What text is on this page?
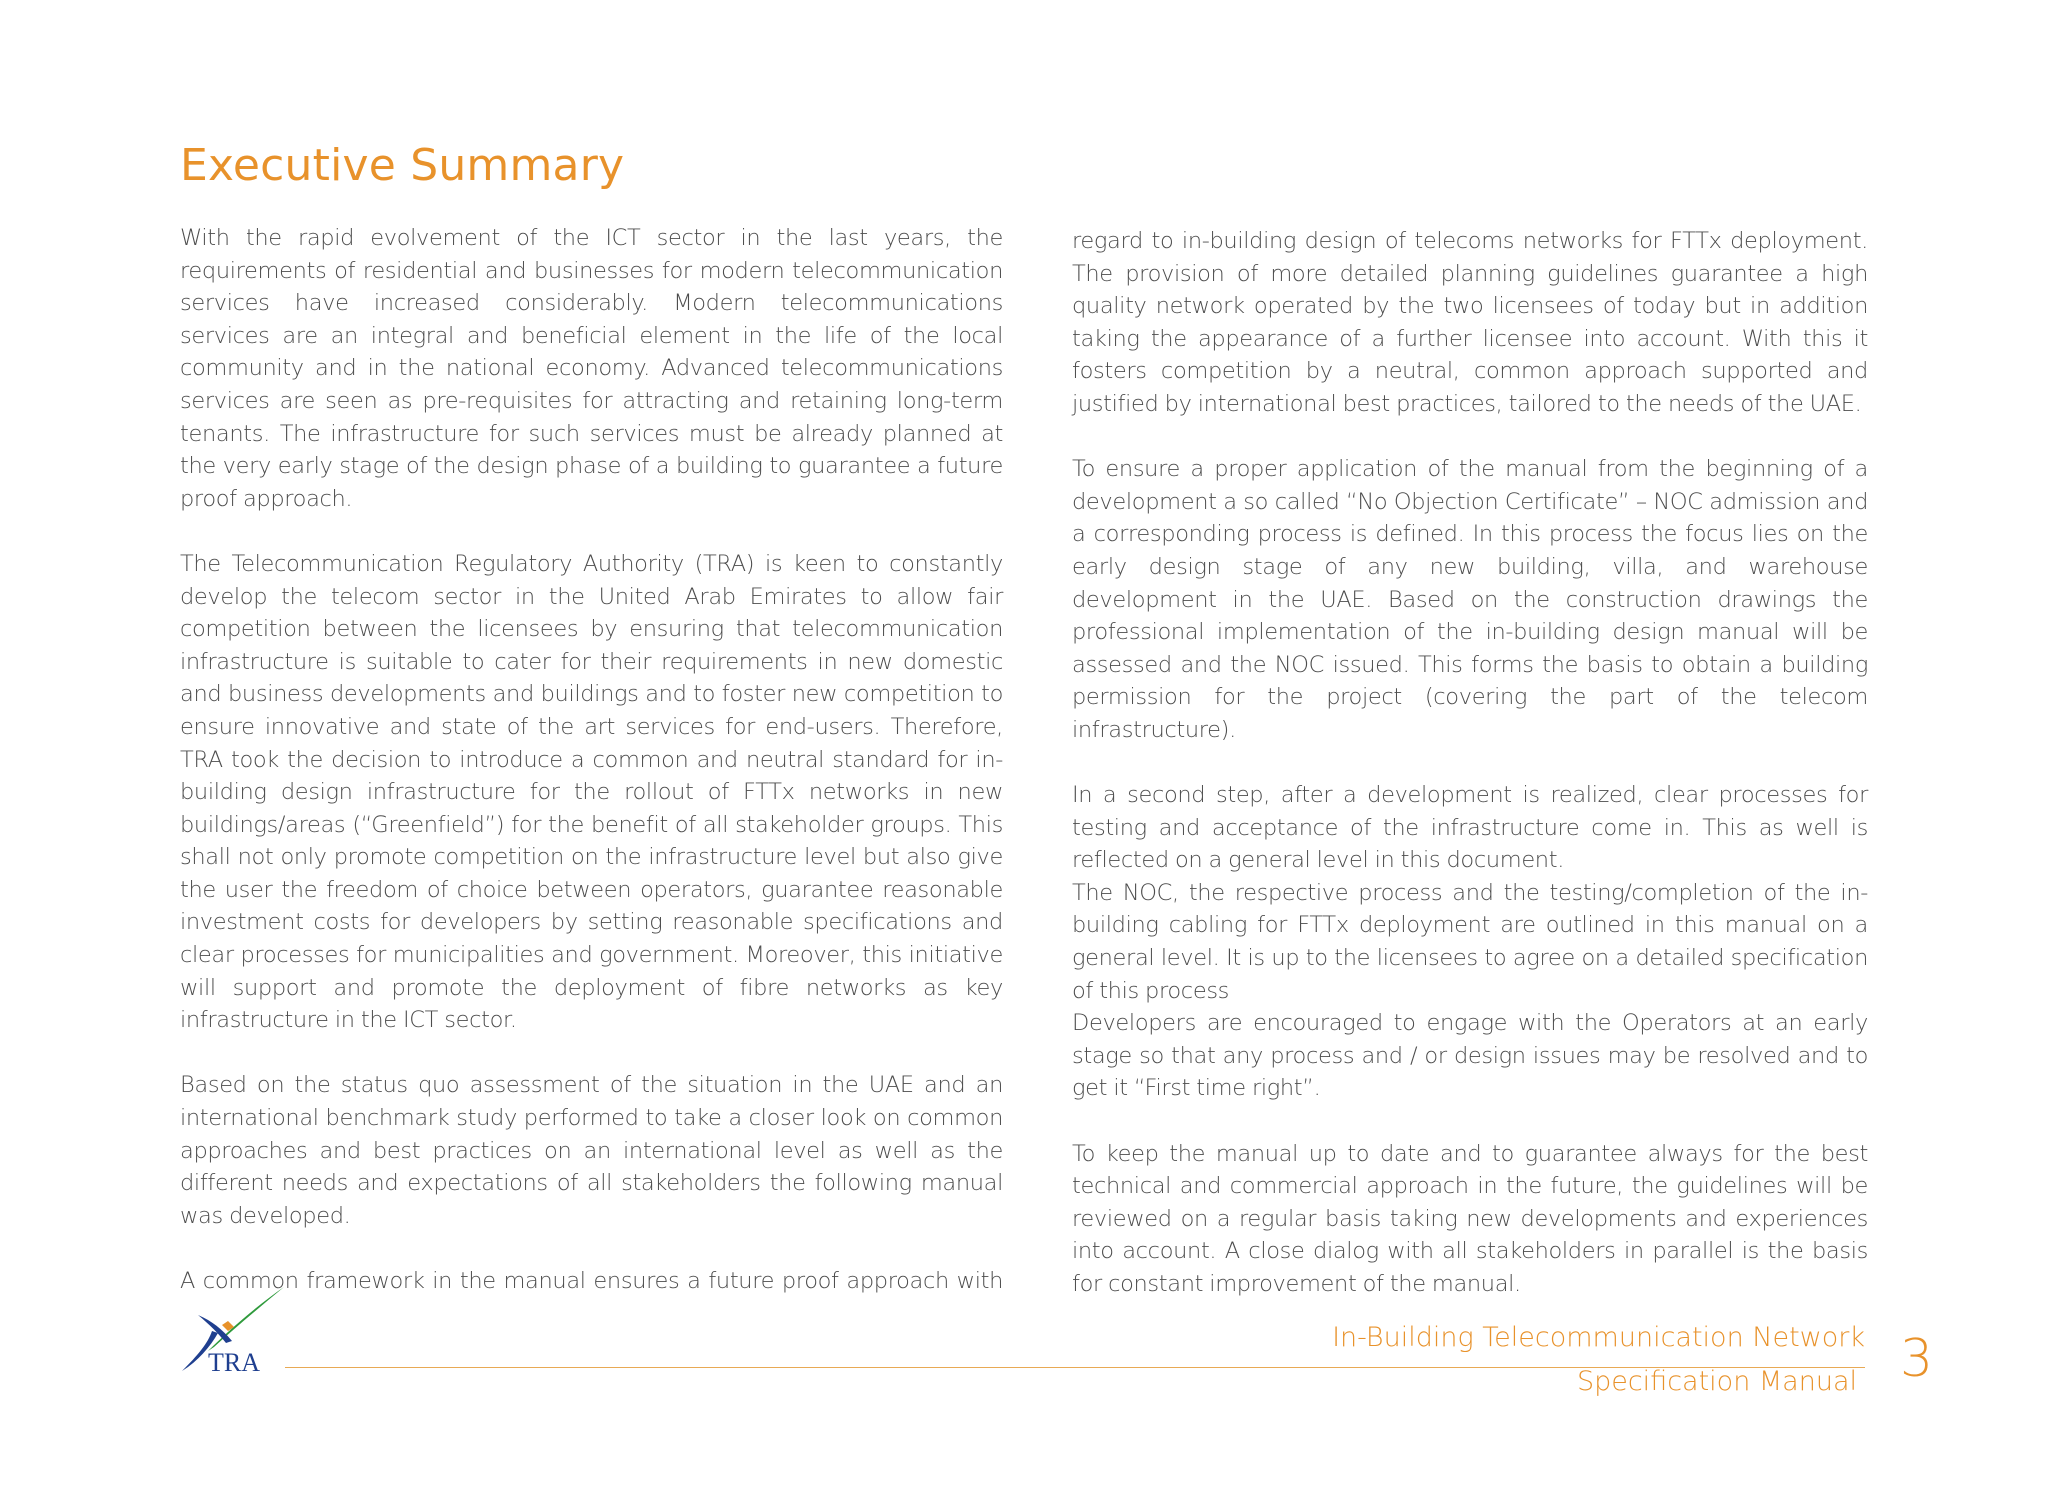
Executive Summary

With the rapid evolvement of the ICT sector in the last years, the requirements of residential and businesses for modern telecommunication services have increased considerably. Modern telecommunications services are an integral and beneficial element in the life of the local community and in the national economy. Advanced telecommunications services are seen as pre-requisites for attracting and retaining long-term tenants. The infrastructure for such services must be already planned at the very early stage of the design phase of a building to guarantee a future proof approach.

The Telecommunication Regulatory Authority (TRA) is keen to constantly develop the telecom sector in the United Arab Emirates to allow fair competition between the licensees by ensuring that telecommunication infrastructure is suitable to cater for their requirements in new domestic and business developments and buildings and to foster new competition to ensure innovative and state of the art services for end-users. Therefore, TRA took the decision to introduce a common and neutral standard for in-building design infrastructure for the rollout of FTTx networks in new buildings/areas (“Greenfield”) for the benefit of all stakeholder groups. This shall not only promote competition on the infrastructure level but also give the user the freedom of choice between operators, guarantee reasonable investment costs for developers by setting reasonable specifications and clear processes for municipalities and government. Moreover, this initiative will support and promote the deployment of fibre networks as key infrastructure in the ICT sector.

Based on the status quo assessment of the situation in the UAE and an international benchmark study performed to take a closer look on common approaches and best practices on an international level as well as the different needs and expectations of all stakeholders the following manual was developed.

A common framework in the manual ensures a future proof approach with

regard to in-building design of telecoms networks for FTTx deployment. The provision of more detailed planning guidelines guarantee a high quality network operated by the two licensees of today but in addition taking the appearance of a further licensee into account. With this it fosters competition by a neutral, common approach supported and justified by international best practices, tailored to the needs of the UAE.

To ensure a proper application of the manual from the beginning of a development a so called “No Objection Certificate” – NOC admission and a corresponding process is defined. In this process the focus lies on the early design stage of any new building, villa, and warehouse development in the UAE. Based on the construction drawings the professional implementation of the in-building design manual will be assessed and the NOC issued. This forms the basis to obtain a building permission for the project (covering the part of the telecom infrastructure).

In a second step, after a development is realized, clear processes for testing and acceptance of the infrastructure come in. This as well is reflected on a general level in this document.

The NOC, the respective process and the testing/completion of the in-building cabling for FTTx deployment are outlined in this manual on a general level. It is up to the licensees to agree on a detailed specification of this process

Developers are encouraged to engage with the Operators at an early stage so that any process and / or design issues may be resolved and to get it “First time right”.

To keep the manual up to date and to guarantee always for the best technical and commercial approach in the future, the guidelines will be reviewed on a regular basis taking new developments and experiences into account. A close dialog with all stakeholders in parallel is the basis for constant improvement of the manual.

TRA
In-Building Telecommunication Network
Specification Manual 3
